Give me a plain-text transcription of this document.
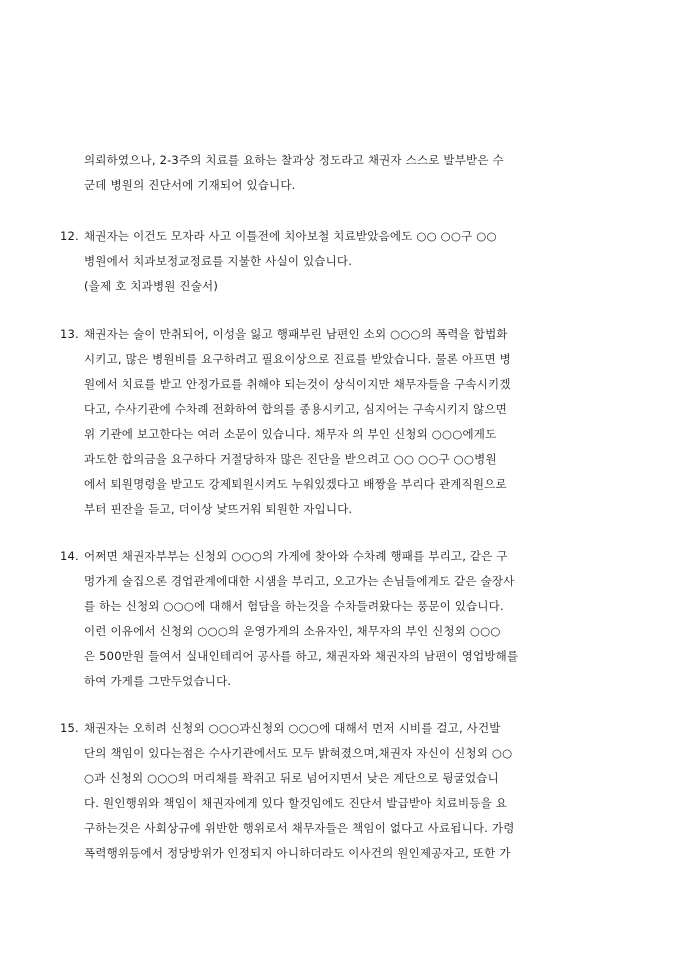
의뢰하였으나, 2-3주의 치료를 요하는 찰과상 정도라고 채권자 스스로 발부받은 수
군데 병원의 진단서에 기재되어 있습니다.
12. 채권자는 이건도 모자라 사고 이틀전에 치아보철 치료받았음에도 ○○ ○○구 ○○
병원에서 치과보정교정료를 지불한 사실이 있습니다.
(을제 호 치과병원 진술서)
13. 채권자는 술이 만취되어, 이성을 잃고 행패부린 남편인 소외 ○○○의 폭력을 합법화
시키고, 많은 병원비를 요구하려고 필요이상으로 진료를 받았습니다. 물론 아프면 병
원에서 치료를 받고 안정가료를 취해야 되는것이 상식이지만 채무자들을 구속시키겠
다고, 수사기관에 수차례 전화하여 합의를 종용시키고, 심지어는 구속시키지 않으면
위 기관에 보고한다는 여러 소문이 있습니다. 채무자 의 부인 신청외 ○○○에게도
과도한 합의금을 요구하다 거절당하자 많은 진단을 받으려고 ○○ ○○구 ○○병원
에서 퇴원명령을 받고도 강제퇴원시켜도 누워있겠다고 배짱을 부리다 관계직원으로
부터 핀잔을 듣고, 더이상 낯뜨거워 퇴원한 자입니다.
14. 어쩌면 채권자부부는 신청외 ○○○의 가게에 찾아와 수차례 행패를 부리고, 같은 구
멍가게 술집으론 경업관계에대한 시샘을 부리고, 오고가는 손님들에게도 같은 술장사
를 하는 신청외 ○○○에 대해서 험담을 하는것을 수차들려왔다는 풍문이 있습니다.
이런 이유에서 신청외 ○○○의 운영가게의 소유자인, 채무자의 부인 신청외 ○○○
은 500만원 들여서 실내인테리어 공사를 하고, 채권자와 채권자의 남편이 영업방해를
하여 가게를 그만두었습니다.
15. 채권자는 오히려 신청외 ○○○과신청외 ○○○에 대해서 먼저 시비를 걸고, 사건발
단의 책임이 있다는점은 수사기관에서도 모두 밝혀졌으며,채권자 자신이 신청외 ○○
○과 신청외 ○○○의 머리채를 꽉쥐고 뒤로 넘어지면서 낮은 계단으로 뒹굴었습니
다. 원인행위와 책임이 채권자에게 있다 할것임에도 진단서 발급받아 치료비등을 요
구하는것은 사회상규에 위반한 행위로서 채무자들은 책임이 없다고 사료됩니다. 가령
폭력행위등에서 정당방위가 인정되지 아니하더라도 이사건의 원인제공자고, 또한 가
